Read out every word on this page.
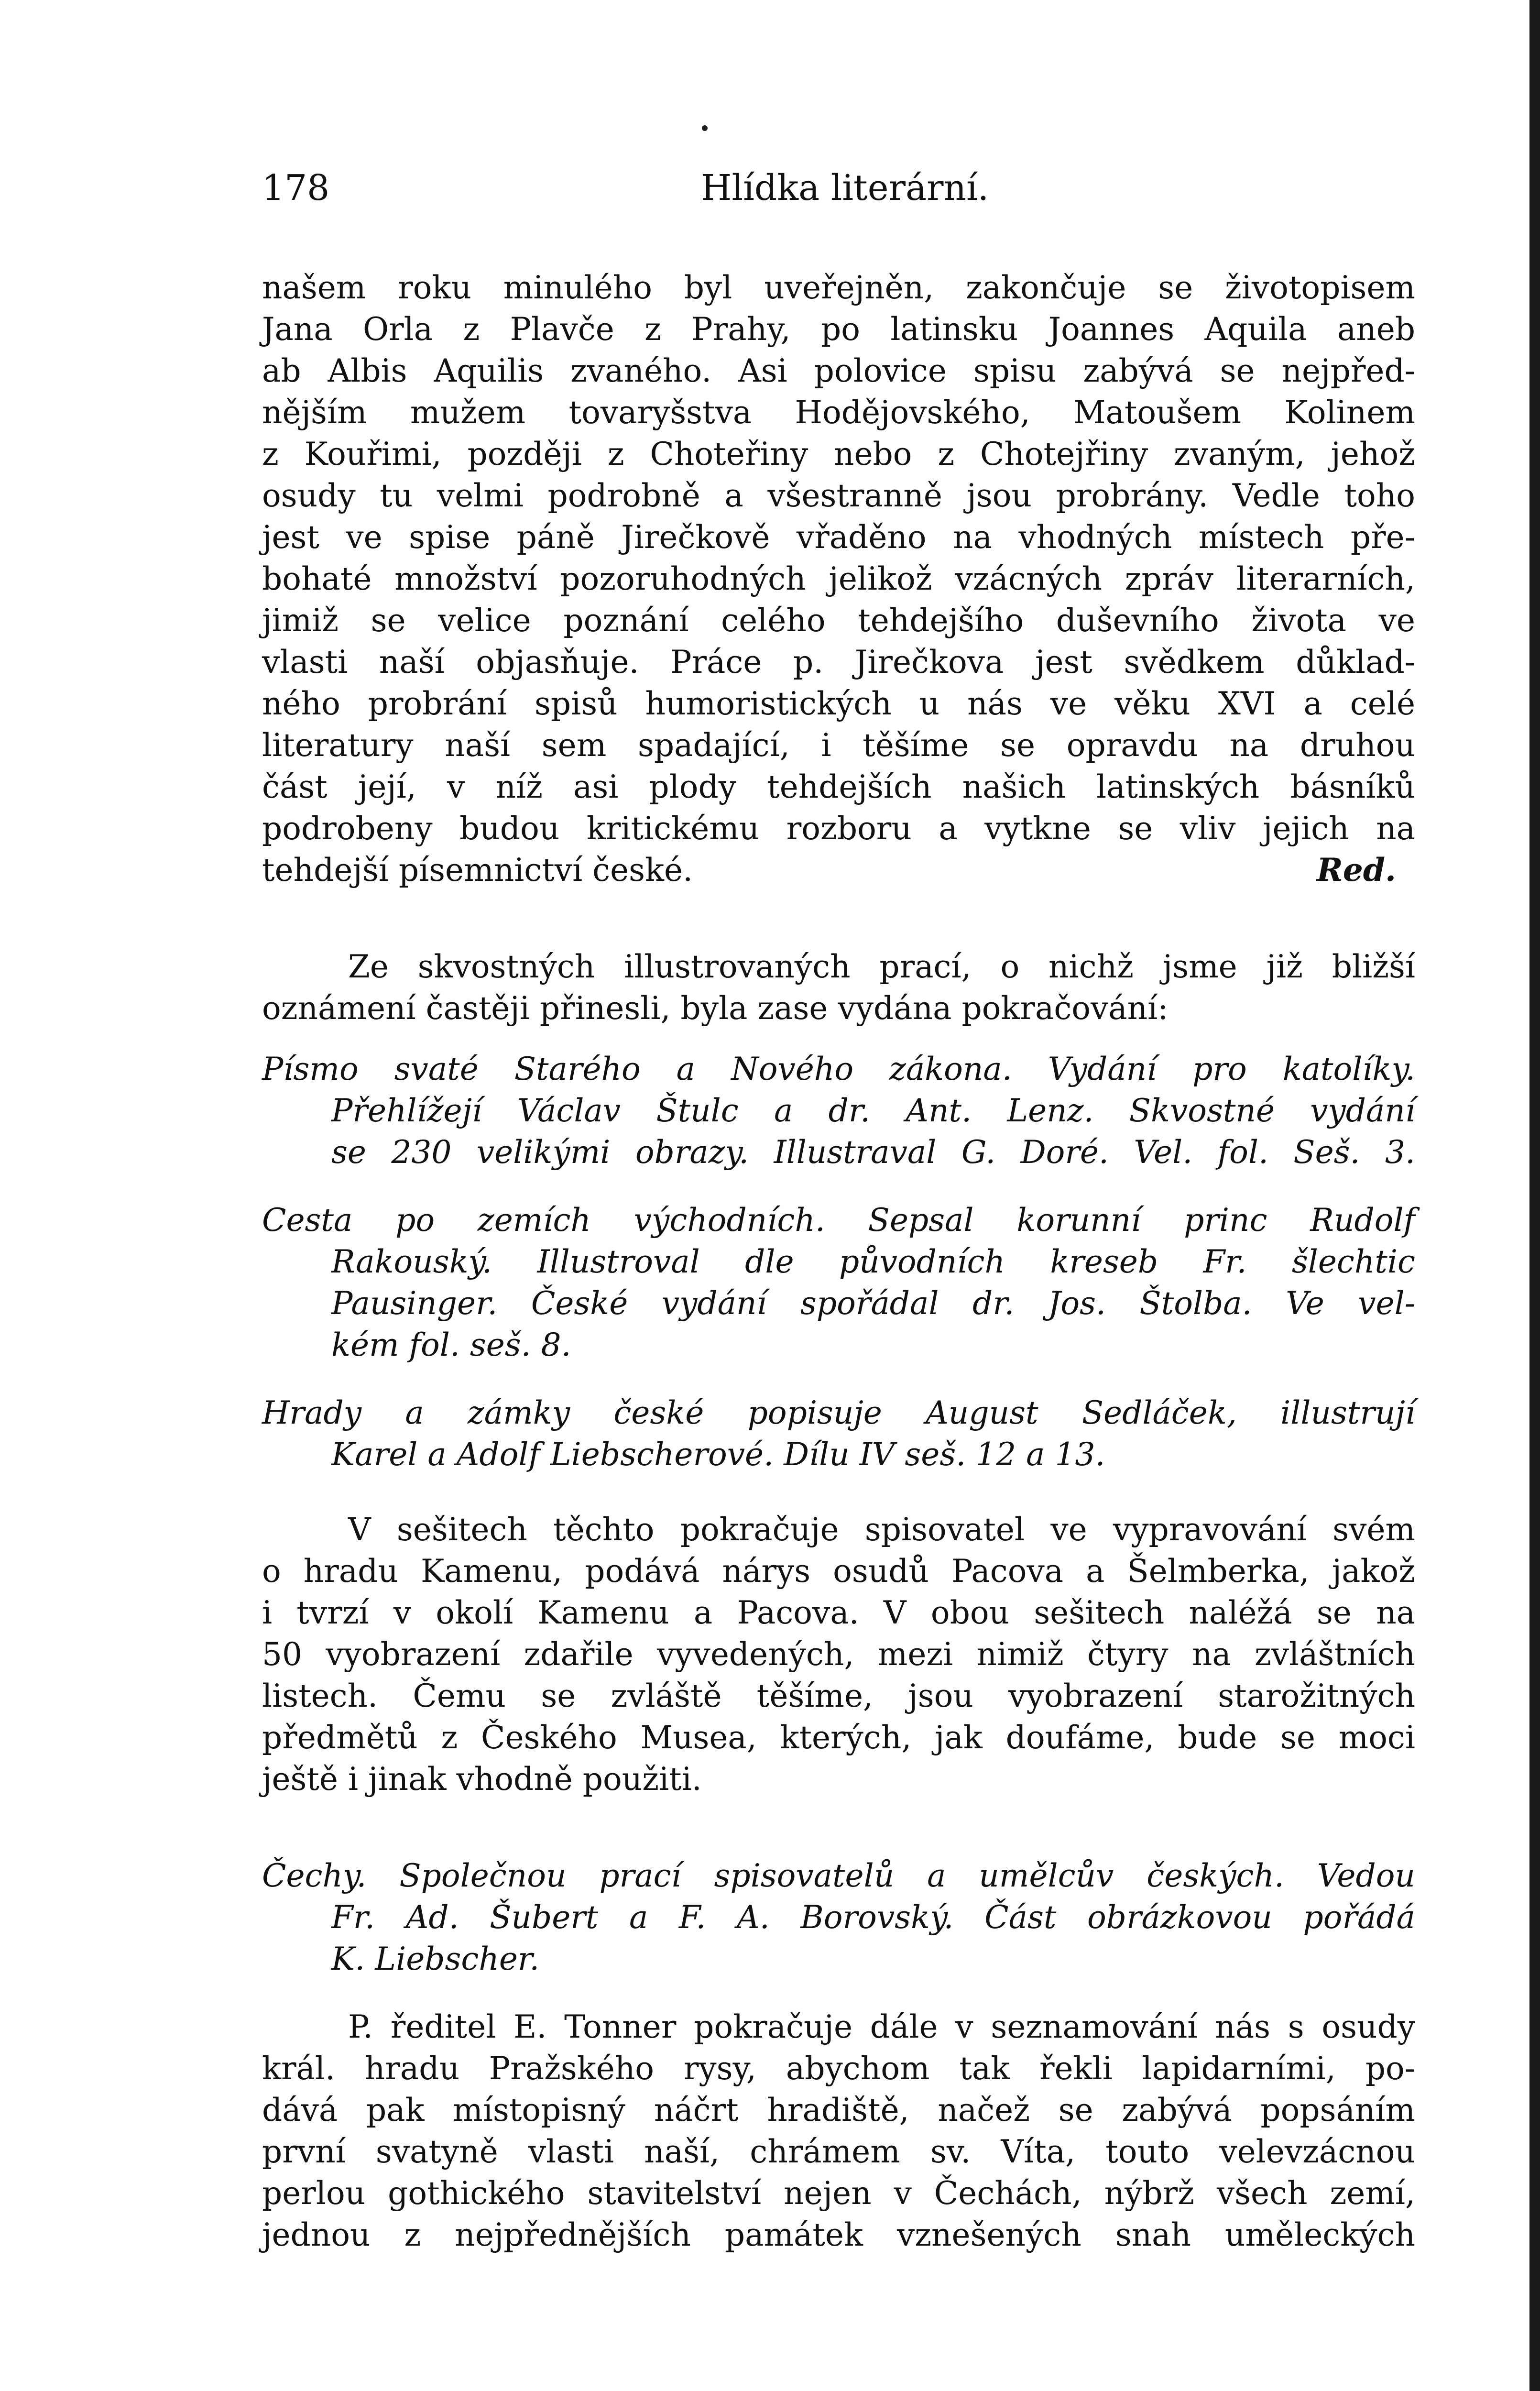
178	Hlídka literární.
našem roku minulého byl uveřejněn, zakončuje se životopisem
Jana Orla z Plavče z Prahy, po latinsku Joannes Aquila aneb
ab Albis Aquilis zvaného. Asi polovice spisu zabývá se nejpřed-
nějším mužem tovaryšstva Hodějovského, Matoušem Kolinem
z Kouřimi, později z Choteřiny nebo z Chotejřiny zvaným, jehož
osudy tu velmi podrobně a všestranně jsou probrány. Vedle toho
jest ve spise páně Jirečkově vřaděno na vhodných místech pře-
bohaté množství pozoruhodných jelikož vzácných zpráv literarních,
jimiž se velice poznání celého tehdejšího duševního života ve
vlasti naší objasňuje. Práce p. Jirečkova jest svědkem důklad-
ného probrání spisů humoristických u nás ve věku XVI a celé
literatury naší sem spadající, i těšíme se opravdu na druhou
část její, v níž asi plody tehdejších našich latinských básníků
podrobeny budou kritickému rozboru a vytkne se vliv jejich na
tehdejší písemnictví české.	Red.
Ze skvostných illustrovaných prací, o nichž jsme již bližší
oznámení častěji přinesli, byla zase vydána pokračování:
Písmo svaté Starého a Nového zákona. Vydání pro katolíky.
Přehlížejí Václav Štulc a dr. Ant. Lenz. Skvostné vydání
se 230 velikými obrazy. Illustraval G. Doré. Vel. fol. Seš. 3.
Cesta po zemích východních. Sepsal korunní princ Rudolf
Rakouský. Illustroval dle původních kreseb Fr. šlechtic
Pausinger. České vydání spořádal dr. Jos. Štolba. Ve vel-
kém fol. seš. 8.
Hrady a zámky české popisuje August Sedláček, illustrují
Karel a Adolf Liebscherové. Dílu IV seš. 12 a 13.
V sešitech těchto pokračuje spisovatel ve vypravování svém
o hradu Kamenu, podává nárys osudů Pacova a Šelmberka, jakož
i tvrzí v okolí Kamenu a Pacova. V obou sešitech naléžá se na
50 vyobrazení zdařile vyvedených, mezi nimiž čtyry na zvláštních
listech. Čemu se zvláště těšíme, jsou vyobrazení starožitných
předmětů z Českého Musea, kterých, jak doufáme, bude se moci
ještě i jinak vhodně použiti.
Čechy. Společnou prací spisovatelů a umělcův českých. Vedou
Fr. Ad. Šubert a F. A. Borovský. Část obrázkovou pořádá
K. Liebscher.
P. ředitel E. Tonner pokračuje dále v seznamování nás s osudy
král. hradu Pražského rysy, abychom tak řekli lapidarními, po-
dává pak místopisný náčrt hradiště, načež se zabývá popsáním
první svatyně vlasti naší, chrámem sv. Víta, touto velevzácnou
perlou gothického stavitelství nejen v Čechách, nýbrž všech zemí,
jednou z nejpřednějších památek vznešených snah uměleckých
